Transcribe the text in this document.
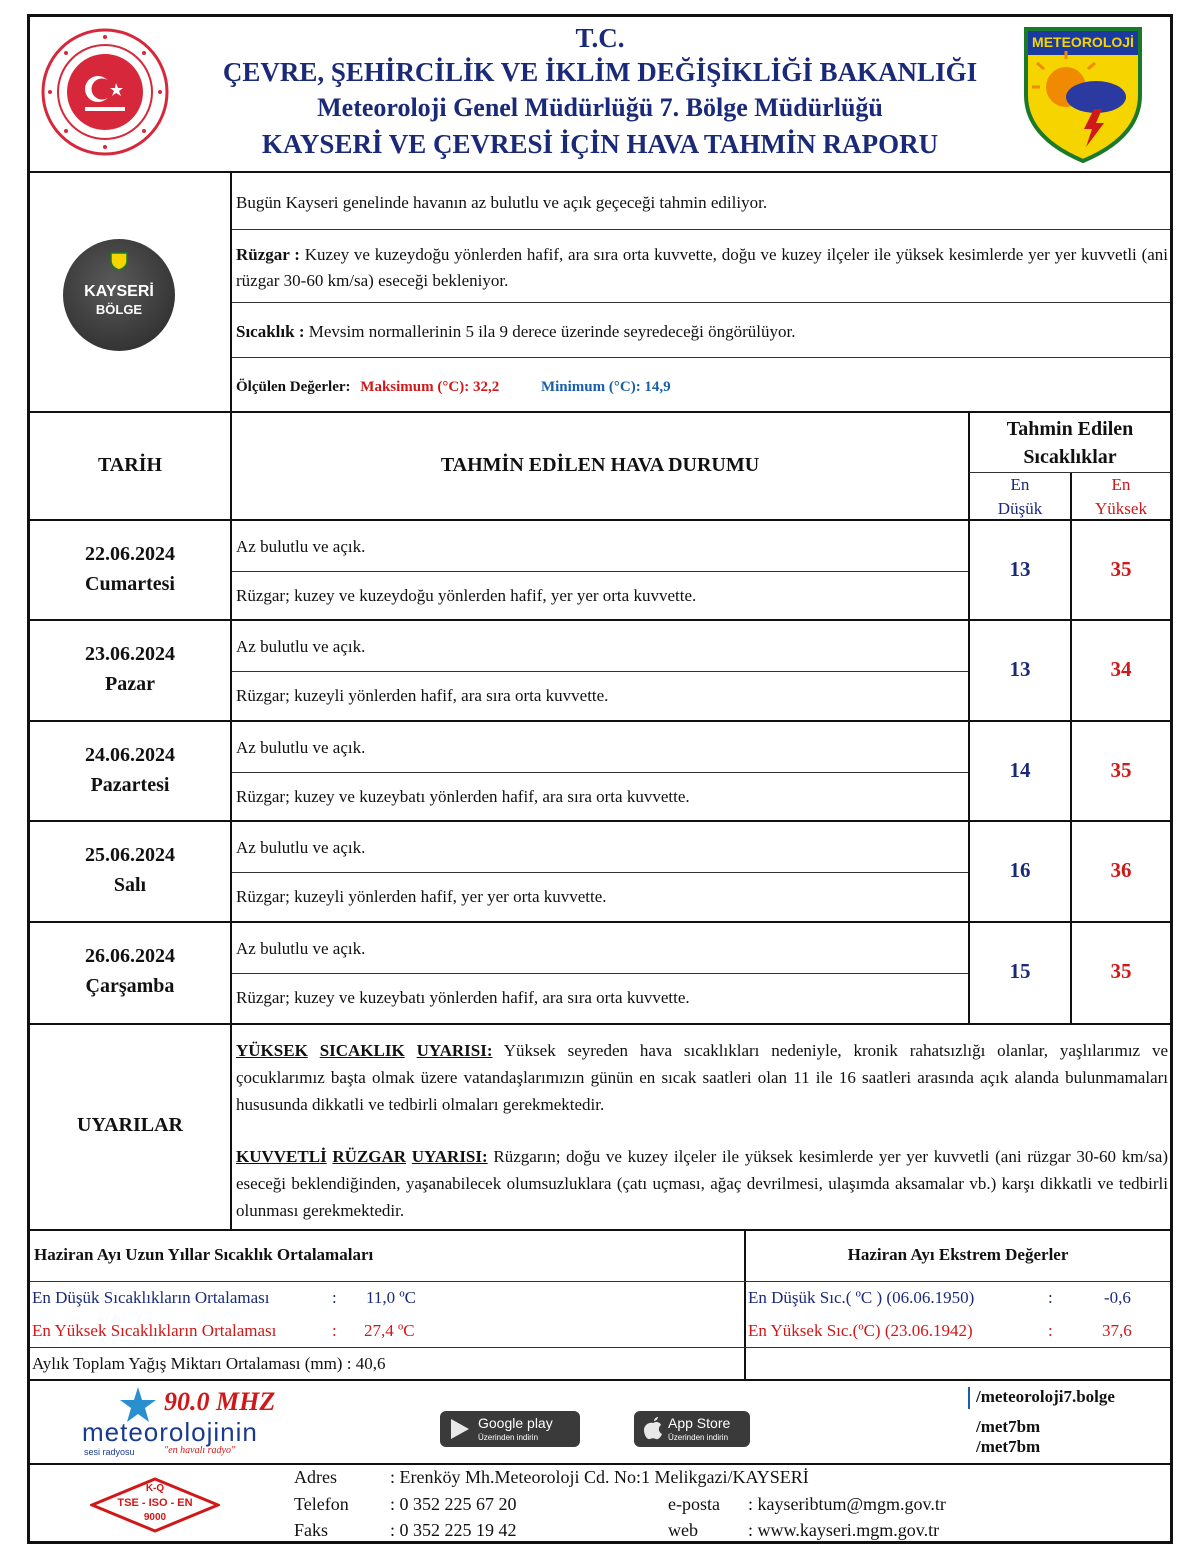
T.C.
ÇEVRE, ŞEHİRCİLİK VE İKLİM DEĞİŞİKLİĞİ BAKANLIĞI
Meteoroloji Genel Müdürlüğü 7. Bölge Müdürlüğü
KAYSERİ VE ÇEVRESİ İÇİN HAVA TAHMİN RAPORU
METEOROLOJİ
KAYSERİ
BÖLGE
Bugün Kayseri genelinde havanın az bulutlu ve açık geçeceği tahmin ediliyor.
Rüzgar : Kuzey ve kuzeydoğu yönlerden hafif, ara sıra orta kuvvette, doğu ve kuzey ilçeler ile yüksek kesimlerde yer yer kuvvetli (ani rüzgar 30-60 km/sa) eseceği bekleniyor.
Sıcaklık : Mevsim normallerinin 5 ila 9 derece üzerinde seyredeceği öngörülüyor.
Ölçülen Değerler: Maksimum (°C): 32,2	Minimum (°C): 14,9
TARİH	TAHMİN EDİLEN HAVA DURUMU
Tahmin Edilen Sıcaklıklar
En Düşük
En Yüksek
22.06.2024
Cumartesi
Az bulutlu ve açık.
Rüzgar; kuzey ve kuzeydoğu yönlerden hafif, yer yer orta kuvvette.
13	35
23.06.2024
Pazar
Az bulutlu ve açık.
Rüzgar; kuzeyli yönlerden hafif, ara sıra orta kuvvette.
13	34
24.06.2024
Pazartesi
Az bulutlu ve açık.
Rüzgar; kuzey ve kuzeybatı yönlerden hafif, ara sıra orta kuvvette.
14	35
25.06.2024
Salı
Az bulutlu ve açık.
Rüzgar; kuzeyli yönlerden hafif, yer yer orta kuvvette.
16	36
26.06.2024
Çarşamba
Az bulutlu ve açık.
Rüzgar; kuzey ve kuzeybatı yönlerden hafif, ara sıra orta kuvvette.
15	35
UYARILAR
YÜKSEK SICAKLIK UYARISI: Yüksek seyreden hava sıcaklıkları nedeniyle, kronik rahatsızlığı olanlar, yaşlılarımız ve çocuklarımız başta olmak üzere vatandaşlarımızın günün en sıcak saatleri olan 11 ile 16 saatleri arasında açık alanda bulunmamaları hususunda dikkatli ve tedbirli olmaları gerekmektedir.
KUVVETLİ RÜZGAR UYARISI: Rüzgarın; doğu ve kuzey ilçeler ile yüksek kesimlerde yer yer kuvvetli (ani rüzgar 30-60 km/sa) eseceği beklendiğinden, yaşanabilecek olumsuzluklara (çatı uçması, ağaç devrilmesi, ulaşımda aksamalar vb.) karşı dikkatli ve tedbirli olunması gerekmektedir.
Haziran Ayı Uzun Yıllar Sıcaklık Ortalamaları	Haziran Ayı Ekstrem Değerler
En Düşük Sıcaklıkların Ortalaması	: 11,0 ºC
En Yüksek Sıcaklıkların Ortalaması	: 27,4 ºC
Aylık Toplam Yağış Miktarı Ortalaması (mm) : 40,6
En Düşük Sıc.( ºC ) (06.06.1950)	:	-0,6
En Yüksek Sıc.(ºC) (23.06.1942)	:	37,6
90.0 MHZ
meteorolojinin
sesi radyosu	"en havalı radyo"
Google play
Üzerinden indirin
App Store
Üzerinden indirin
/meteoroloji7.bolge
/met7bm
/met7bm
K-Q
TSE - ISO - EN
9000
Adres	: Erenköy Mh.Meteoroloji Cd. No:1 Melikgazi/KAYSERİ
Telefon : 0 352 225 67 20
Faks	: 0 352 225 19 42
e-posta : kayseribtum@mgm.gov.tr
web	: www.kayseri.mgm.gov.tr
